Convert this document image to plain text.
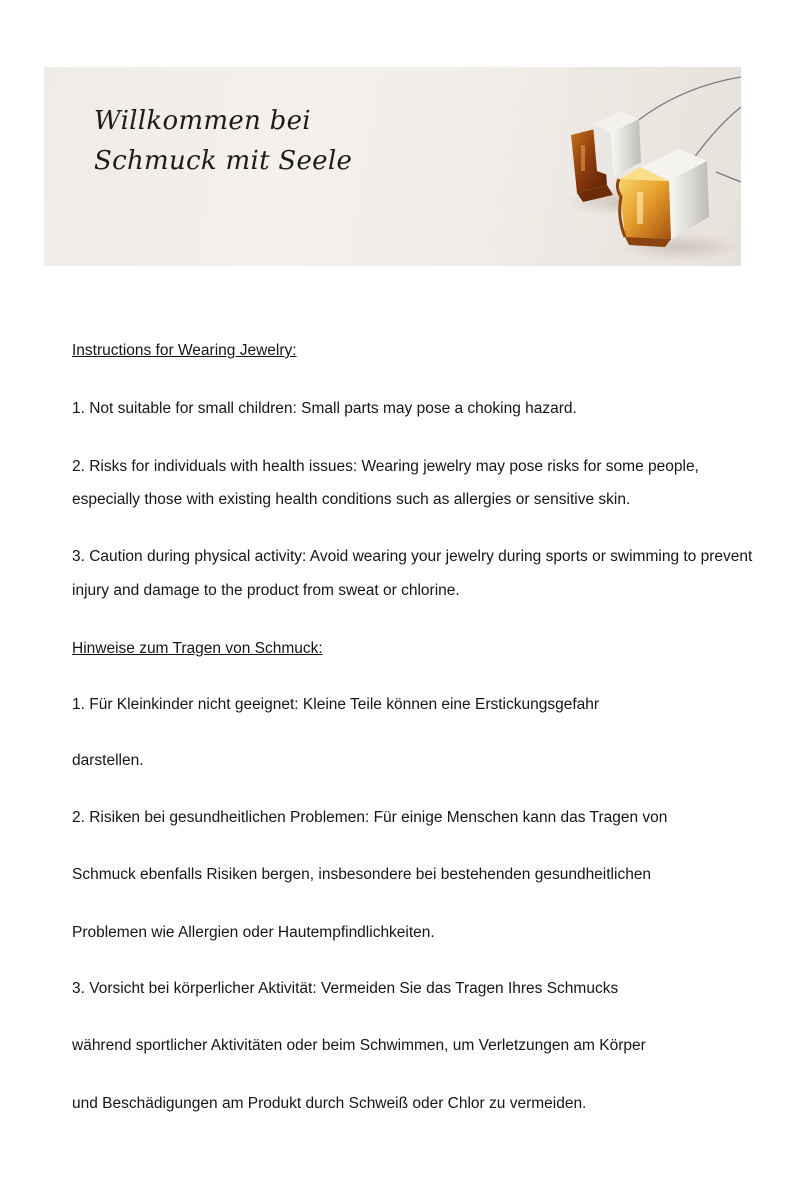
Willkommen bei
Schmuck mit Seele
Instructions for Wearing Jewelry:
1. Not suitable for small children: Small parts may pose a choking hazard.
2. Risks for individuals with health issues: Wearing jewelry may pose risks for some people,
especially those with existing health conditions such as allergies or sensitive skin.
3. Caution during physical activity: Avoid wearing your jewelry during sports or swimming to prevent
injury and damage to the product from sweat or chlorine.
Hinweise zum Tragen von Schmuck:
1. Für Kleinkinder nicht geeignet: Kleine Teile können eine Erstickungsgefahr
darstellen.
2. Risiken bei gesundheitlichen Problemen: Für einige Menschen kann das Tragen von
Schmuck ebenfalls Risiken bergen, insbesondere bei bestehenden gesundheitlichen
Problemen wie Allergien oder Hautempfindlichkeiten.
3. Vorsicht bei körperlicher Aktivität: Vermeiden Sie das Tragen Ihres Schmucks
während sportlicher Aktivitäten oder beim Schwimmen, um Verletzungen am Körper
und Beschädigungen am Produkt durch Schweiß oder Chlor zu vermeiden.
